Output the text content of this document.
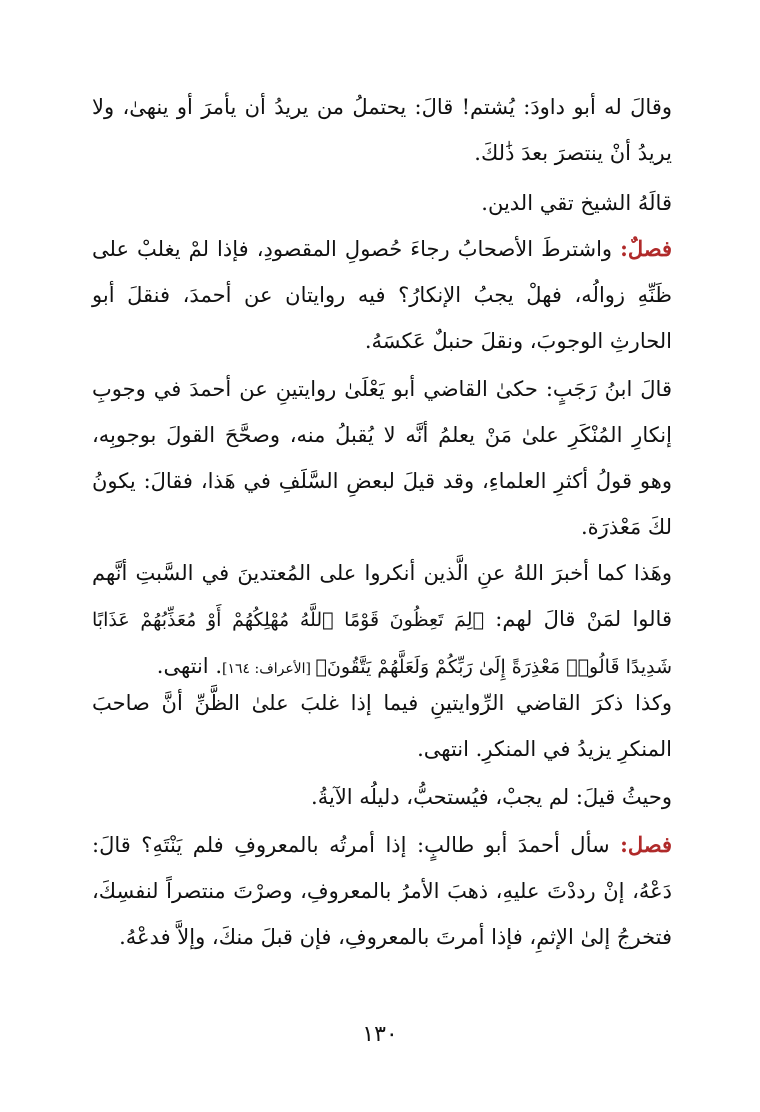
وقالَ له أبو داودَ: يُشتم! قالَ: يحتملُ من يريدُ أن يأمرَ أو ينهىٰ، ولا يريدُ أنْ ينتصرَ بعدَ ذَٰلكَ.

قالَهُ الشيخ تقي الدين.

فصلٌ: واشترطَ الأصحابُ رجاءَ حُصولِ المقصودِ، فإذا لمْ يغلبْ على ظَنِّهِ زوالُه، فهلْ يجبُ الإنكارُ؟ فيه روايتان عن أحمدَ، فنقلَ أبو الحارثِ الوجوبَ، ونقلَ حنبلٌ عَكسَهُ.

قالَ ابنُ رَجَبٍ: حكىٰ القاضي أبو يَعْلَىٰ روايتينِ عن أحمدَ في وجوبِ إنكارِ المُنْكَرِ علىٰ مَنْ يعلمُ أنَّه لا يُقبلُ منه، وصحَّحَ القولَ بوجوبِه، وهو قولُ أكثرِ العلماءِ، وقد قيلَ لبعضِ السَّلَفِ في هَذا، فقالَ: يكونُ لكَ مَعْذرَة.

وهَذا كما أخبرَ اللهُ عنِ الَّذين أنكروا على المُعتدينَ في السَّبتِ أنَّهم قالوا لمَنْ قالَ لهم: ﴿لِمَ تَعِظُونَ قَوْمًا ٱللَّهُ مُهْلِكُهُمْ أَوْ مُعَذِّبُهُمْ عَذَابًا شَدِيدًا قَالُوا۟ مَعْذِرَةً إِلَىٰ رَبِّكُمْ وَلَعَلَّهُمْ يَتَّقُونَ﴾ [الأعراف: ١٦٤]. انتهى.

وكذا ذكرَ القاضي الرِّوايتينِ فيما إذا غلبَ علىٰ الظَّنِّ أنَّ صاحبَ المنكرِ يزيدُ في المنكرِ. انتهى.

وحيثُ قيلَ: لم يجبْ، فيُستحبُّ، دليلُه الآيةُ.

فصل: سأل أحمدَ أبو طالبٍ: إذا أمرتُه بالمعروفِ فلم يَنْتَهِ؟ قالَ: دَعْهُ، إنْ رددْتَ عليهِ، ذهبَ الأمرُ بالمعروفِ، وصرْتَ منتصراً لنفسِكَ، فتخرجُ إلىٰ الإثمِ، فإذا أمرتَ بالمعروفِ، فإن قبلَ منكَ، وإلاَّ فدعْهُ.

١٣٠
